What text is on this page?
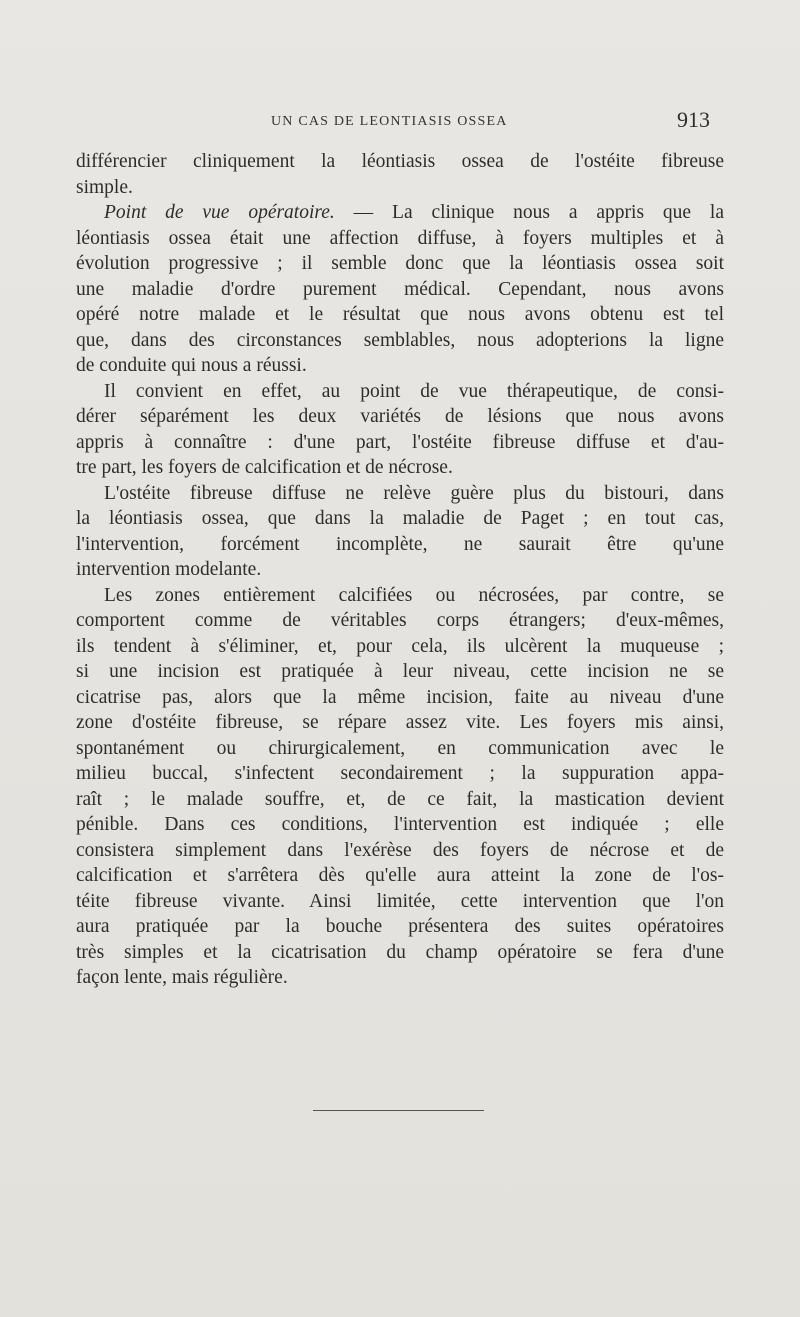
UN CAS DE LEONTIASIS OSSEA	913
différencier cliniquement la léontiasis ossea de l'ostéite fibreuse
simple.
Point de vue opératoire. — La clinique nous a appris que la
léontiasis ossea était une affection diffuse, à foyers multiples et à
évolution progressive ; il semble donc que la léontiasis ossea soit
une maladie d'ordre purement médical. Cependant, nous avons
opéré notre malade et le résultat que nous avons obtenu est tel
que, dans des circonstances semblables, nous adopterions la ligne
de conduite qui nous a réussi.
Il convient en effet, au point de vue thérapeutique, de consi-
dérer séparément les deux variétés de lésions que nous avons
appris à connaître : d'une part, l'ostéite fibreuse diffuse et d'au-
tre part, les foyers de calcification et de nécrose.
L'ostéite fibreuse diffuse ne relève guère plus du bistouri, dans
la léontiasis ossea, que dans la maladie de Paget ; en tout cas,
l'intervention, forcément incomplète, ne saurait être qu'une
intervention modelante.
Les zones entièrement calcifiées ou nécrosées, par contre, se
comportent comme de véritables corps étrangers; d'eux-mêmes,
ils tendent à s'éliminer, et, pour cela, ils ulcèrent la muqueuse ;
si une incision est pratiquée à leur niveau, cette incision ne se
cicatrise pas, alors que la même incision, faite au niveau d'une
zone d'ostéite fibreuse, se répare assez vite. Les foyers mis ainsi,
spontanément ou chirurgicalement, en communication avec le
milieu buccal, s'infectent secondairement ; la suppuration appa-
raît ; le malade souffre, et, de ce fait, la mastication devient
pénible. Dans ces conditions, l'intervention est indiquée ; elle
consistera simplement dans l'exérèse des foyers de nécrose et de
calcification et s'arrêtera dès qu'elle aura atteint la zone de l'os-
téite fibreuse vivante. Ainsi limitée, cette intervention que l'on
aura pratiquée par la bouche présentera des suites opératoires
très simples et la cicatrisation du champ opératoire se fera d'une
façon lente, mais régulière.
